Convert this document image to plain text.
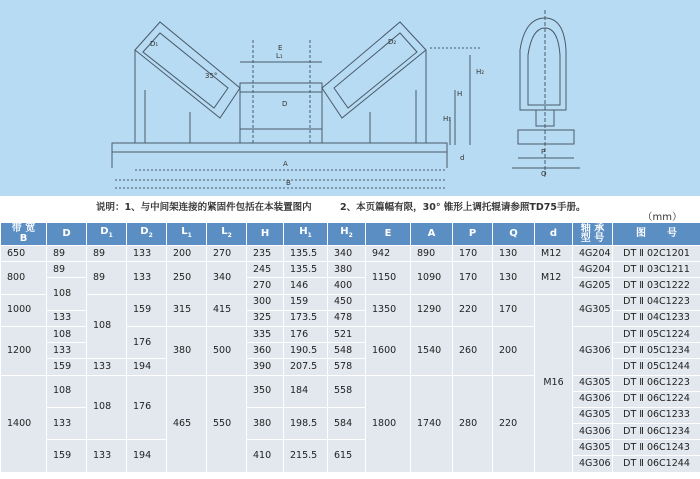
L₁
E
A
B
H₂
H
H₁
D
d
35°
D₂
D₁
P
Q
说明：1、与中间架连接的紧固件包括在本装置图内	2、本页篇幅有限，30° 锥形上调托辊请参照TD75手册。
（mm）
带 宽
B	D	$D_1$	$D_2$	$L_1$	$L_2$	H	$H_1$	$H_2$	E	A	P	Q	d	轴 承
型 号	图 号
650	89	89	133	200	270	235	135.5	340	942	890	170	130	M12	4G204	DT Ⅱ 02C1201
800	89	89	133	250	340	245	135.5	380	1150	1090	170	130	M12	4G204	DT Ⅱ 03C1211
	108					270	146	400						4G205	DT Ⅱ 03C1222
1000		108	159	315	415	300	159	450	1350	1290	220	170	M16	4G305	DT Ⅱ 04C1223
	133					325	173.5	478							DT Ⅱ 04C1233
1200	108		176	380	500	335	176	521	1600	1540	260	200		4G306	DT Ⅱ 05C1224
	133					360	190.5	548							DT Ⅱ 05C1234
	159	133	194			390	207.5	578							DT Ⅱ 05C1244
1400	108	108	176	465	550	350	184	558	1800	1740	280	220		4G305	DT Ⅱ 06C1223
														4G306	DT Ⅱ 06C1224
	133					380	198.5	584						4G305	DT Ⅱ 06C1233
														4G306	DT Ⅱ 06C1234
	159	133	194			410	215.5	615						4G305	DT Ⅱ 06C1243
														4G306	DT Ⅱ 06C1244
